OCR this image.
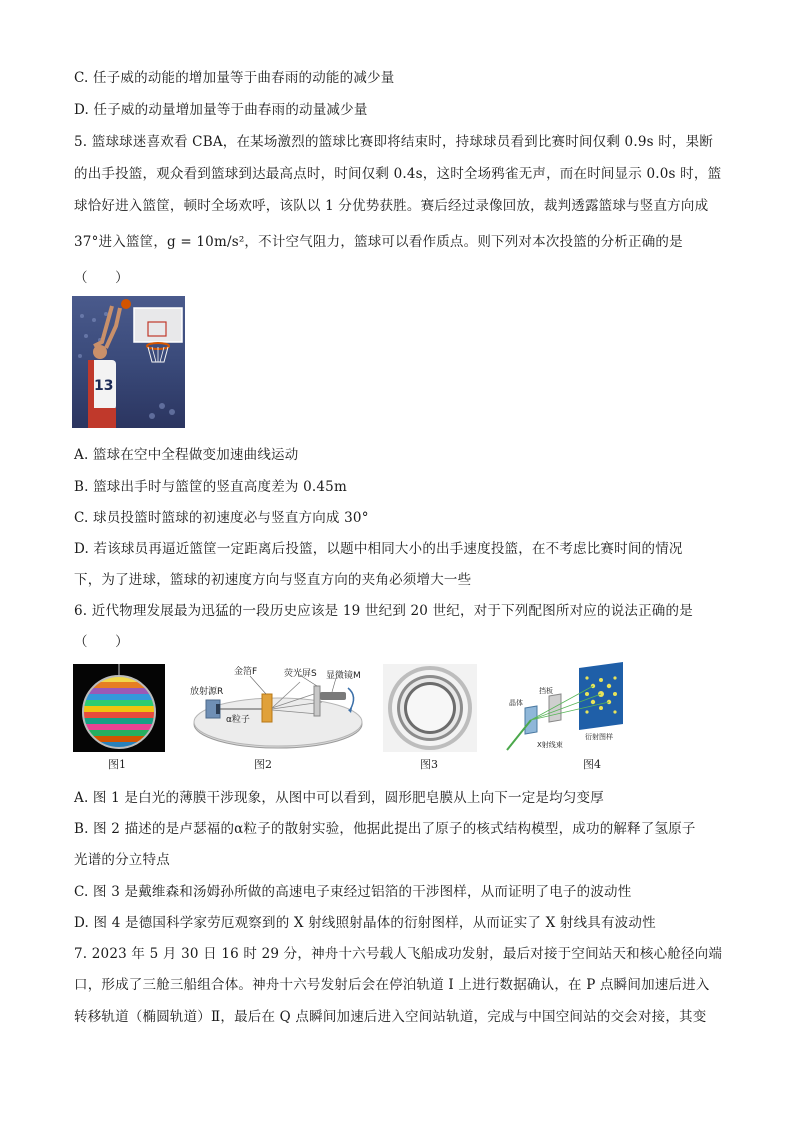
C. 任子威的动能的增加量等于曲春雨的动能的减少量
D. 任子威的动量增加量等于曲春雨的动量减少量
5. 篮球球迷喜欢看 CBA，在某场激烈的篮球比赛即将结束时，持球球员看到比赛时间仅剩 0.9s 时，果断
的出手投篮，观众看到篮球到达最高点时，时间仅剩 0.4s，这时全场鸦雀无声，而在时间显示 0.0s 时，篮
球恰好进入篮筐，顿时全场欢呼，该队以 1 分优势获胜。赛后经过录像回放，裁判透露篮球与竖直方向成
37°进入篮筐，g = 10m/s²，不计空气阻力，篮球可以看作质点。则下列对本次投篮的分析正确的是
（　　）
13
A. 篮球在空中全程做变加速曲线运动
B. 篮球出手时与篮筐的竖直高度差为 0.45m
C. 球员投篮时篮球的初速度必与竖直方向成 30°
D. 若该球员再逼近篮筐一定距离后投篮，以题中相同大小的出手速度投篮，在不考虑比赛时间的情况
下，为了进球，篮球的初速度方向与竖直方向的夹角必须增大一些
6. 近代物理发展最为迅猛的一段历史应该是 19 世纪到 20 世纪，对于下列配图所对应的说法正确的是
（　　）
放射源R
金箔F	荧光屏S 显微镜M
α粒子
晶体
挡板
X射线束
衍射图样
图1	图2	图3	图4
A. 图 1 是白光的薄膜干涉现象，从图中可以看到，圆形肥皂膜从上向下一定是均匀变厚
B. 图 2 描述的是卢瑟福的α粒子的散射实验，他据此提出了原子的核式结构模型，成功的解释了氢原子
光谱的分立特点
C. 图 3 是戴维森和汤姆孙所做的高速电子束经过铝箔的干涉图样，从而证明了电子的波动性
D. 图 4 是德国科学家劳厄观察到的 X 射线照射晶体的衍射图样，从而证实了 X 射线具有波动性
7. 2023 年 5 月 30 日 16 时 29 分，神舟十六号载人飞船成功发射，最后对接于空间站天和核心舱径向端
口，形成了三舱三船组合体。神舟十六号发射后会在停泊轨道 Ⅰ 上进行数据确认，在 P 点瞬间加速后进入
转移轨道（椭圆轨道）Ⅱ，最后在 Q 点瞬间加速后进入空间站轨道，完成与中国空间站的交会对接，其变
